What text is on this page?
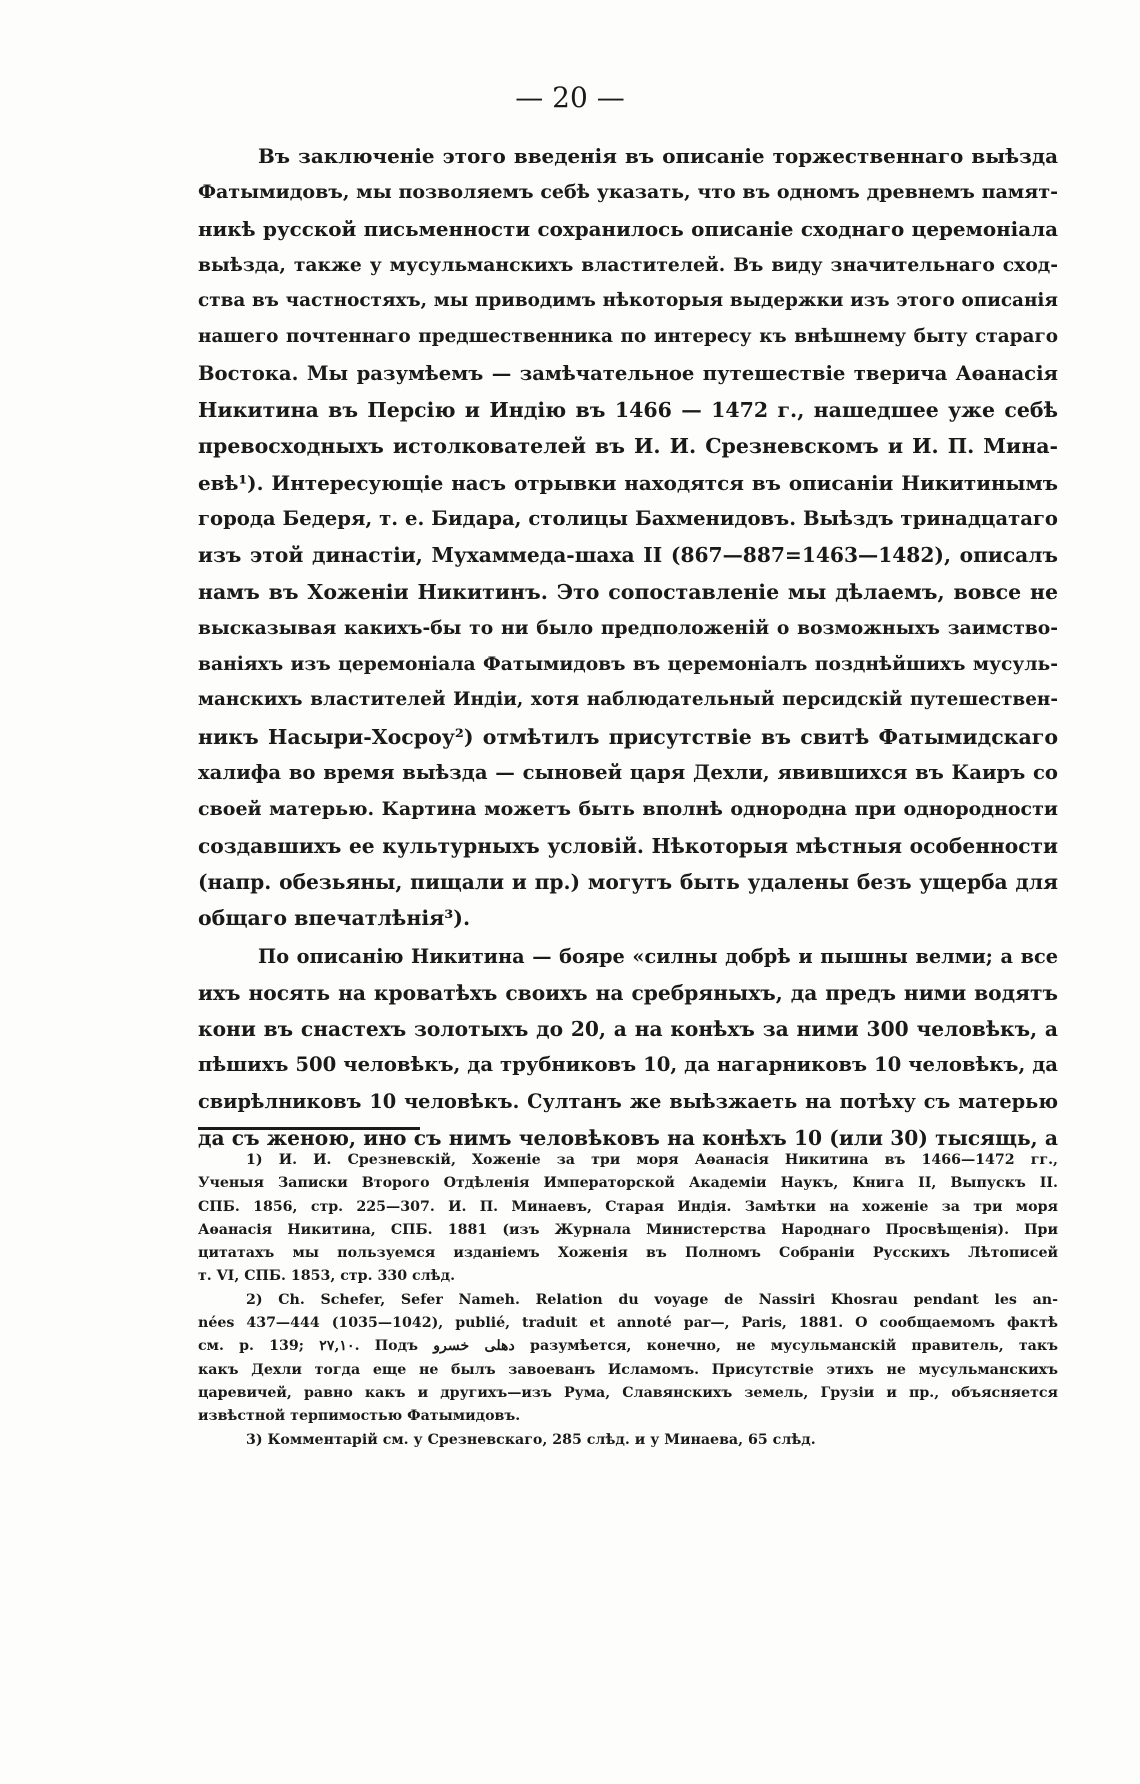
— 20 —
Въ заключенiе этого введенiя въ описанiе торжественнаго выѣзда
Фатымидовъ, мы позволяемъ себѣ указать, что въ одномъ древнемъ памят-
никѣ русской письменности сохранилось описанiе сходнаго церемонiала
выѣзда, также у мусульманскихъ властителей. Въ виду значительнаго сход-
ства въ частностяхъ, мы приводимъ нѣкоторыя выдержки изъ этого описанiя
нашего почтеннаго предшественника по интересу къ внѣшнему быту стараго
Востока. Мы разумѣемъ — замѣчательное путешествiе тверича Аѳанасiя
Никитина въ Персiю и Индiю въ 1466 — 1472 г., нашедшее уже себѣ
превосходныхъ истолкователей въ И. И. Срезневскомъ и И. П. Мина-
евѣ¹). Интересующiе насъ отрывки находятся въ описанiи Никитинымъ
города Бедеря, т. е. Бидара, столицы Бахменидовъ. Выѣздъ тринадцатаго
изъ этой династiи, Мухаммеда-шаха II (867—887=1463—1482), описалъ
намъ въ Хоженiи Никитинъ. Это сопоставленiе мы дѣлаемъ, вовсе не
высказывая какихъ-бы то ни было предположенiй о возможныхъ заимство-
ванiяхъ изъ церемонiала Фатымидовъ въ церемонiалъ позднѣйшихъ мусуль-
манскихъ властителей Индiи, хотя наблюдательный персидскiй путешествен-
никъ Насыри-Хосроу²) отмѣтилъ присутствiе въ свитѣ Фатымидскаго
халифа во время выѣзда — сыновей царя Дехли, явившихся въ Каиръ со
своей матерью. Картина можетъ быть вполнѣ однородна при однородности
создавшихъ ее культурныхъ условiй. Нѣкоторыя мѣстныя особенности
(напр. обезьяны, пищали и пр.) могутъ быть удалены безъ ущерба для
общаго впечатлѣнiя³).
По описанiю Никитина — бояре «силны добрѣ и пышны велми; а все
ихъ носять на кроватѣхъ своихъ на сребряныхъ, да предъ ними водятъ
кони въ снастехъ золотыхъ до 20, а на конѣхъ за ними 300 человѣкъ, а
пѣшихъ 500 человѣкъ, да трубниковъ 10, да нагарниковъ 10 человѣкъ, да
свирѣлниковъ 10 человѣкъ. Султанъ же выѣзжаеть на потѣху съ матерью
да съ женою, ино съ нимъ человѣковъ на конѣхъ 10 (или 30) тысящь, а
1) И. И. Срезневскiй, Хоженiе за три моря Аѳанасiя Никитина въ 1466—1472 гг.,
Ученыя Записки Второго Отдѣленiя Императорской Академiи Наукъ, Книга II, Выпускъ II.
СПБ. 1856, стр. 225—307. И. П. Минаевъ, Старая Индiя. Замѣтки на хоженiе за три моря
Аѳанасiя Никитина, СПБ. 1881 (изъ Журнала Министерства Народнаго Просвѣщенiя). При
цитатахъ мы пользуемся изданiемъ Хоженiя въ Полномъ Собранiи Русскихъ Лѣтописей
т. VI, СПБ. 1853, стр. 330 слѣд.
2) Ch. Schefer, Sefer Nameh. Relation du voyage de Nassiri Khosrau pendant les an-
nées 437—444 (1035—1042), publié, traduit et annoté par—, Paris, 1881. О сообщаемомъ фактѣ
см. р. 139; ٢٧,١٠. Подъ دهلى خسرو разумѣется, конечно, не мусульманскiй правитель, такъ
какъ Дехли тогда еще не былъ завоеванъ Исламомъ. Присутствiе этихъ не мусульманскихъ
царевичей, равно какъ и другихъ—изъ Рума, Славянскихъ земель, Грузiи и пр., объясняется
извѣстной терпимостью Фатымидовъ.
3) Комментарiй см. у Срезневскаго, 285 слѣд. и у Минаева, 65 слѣд.
